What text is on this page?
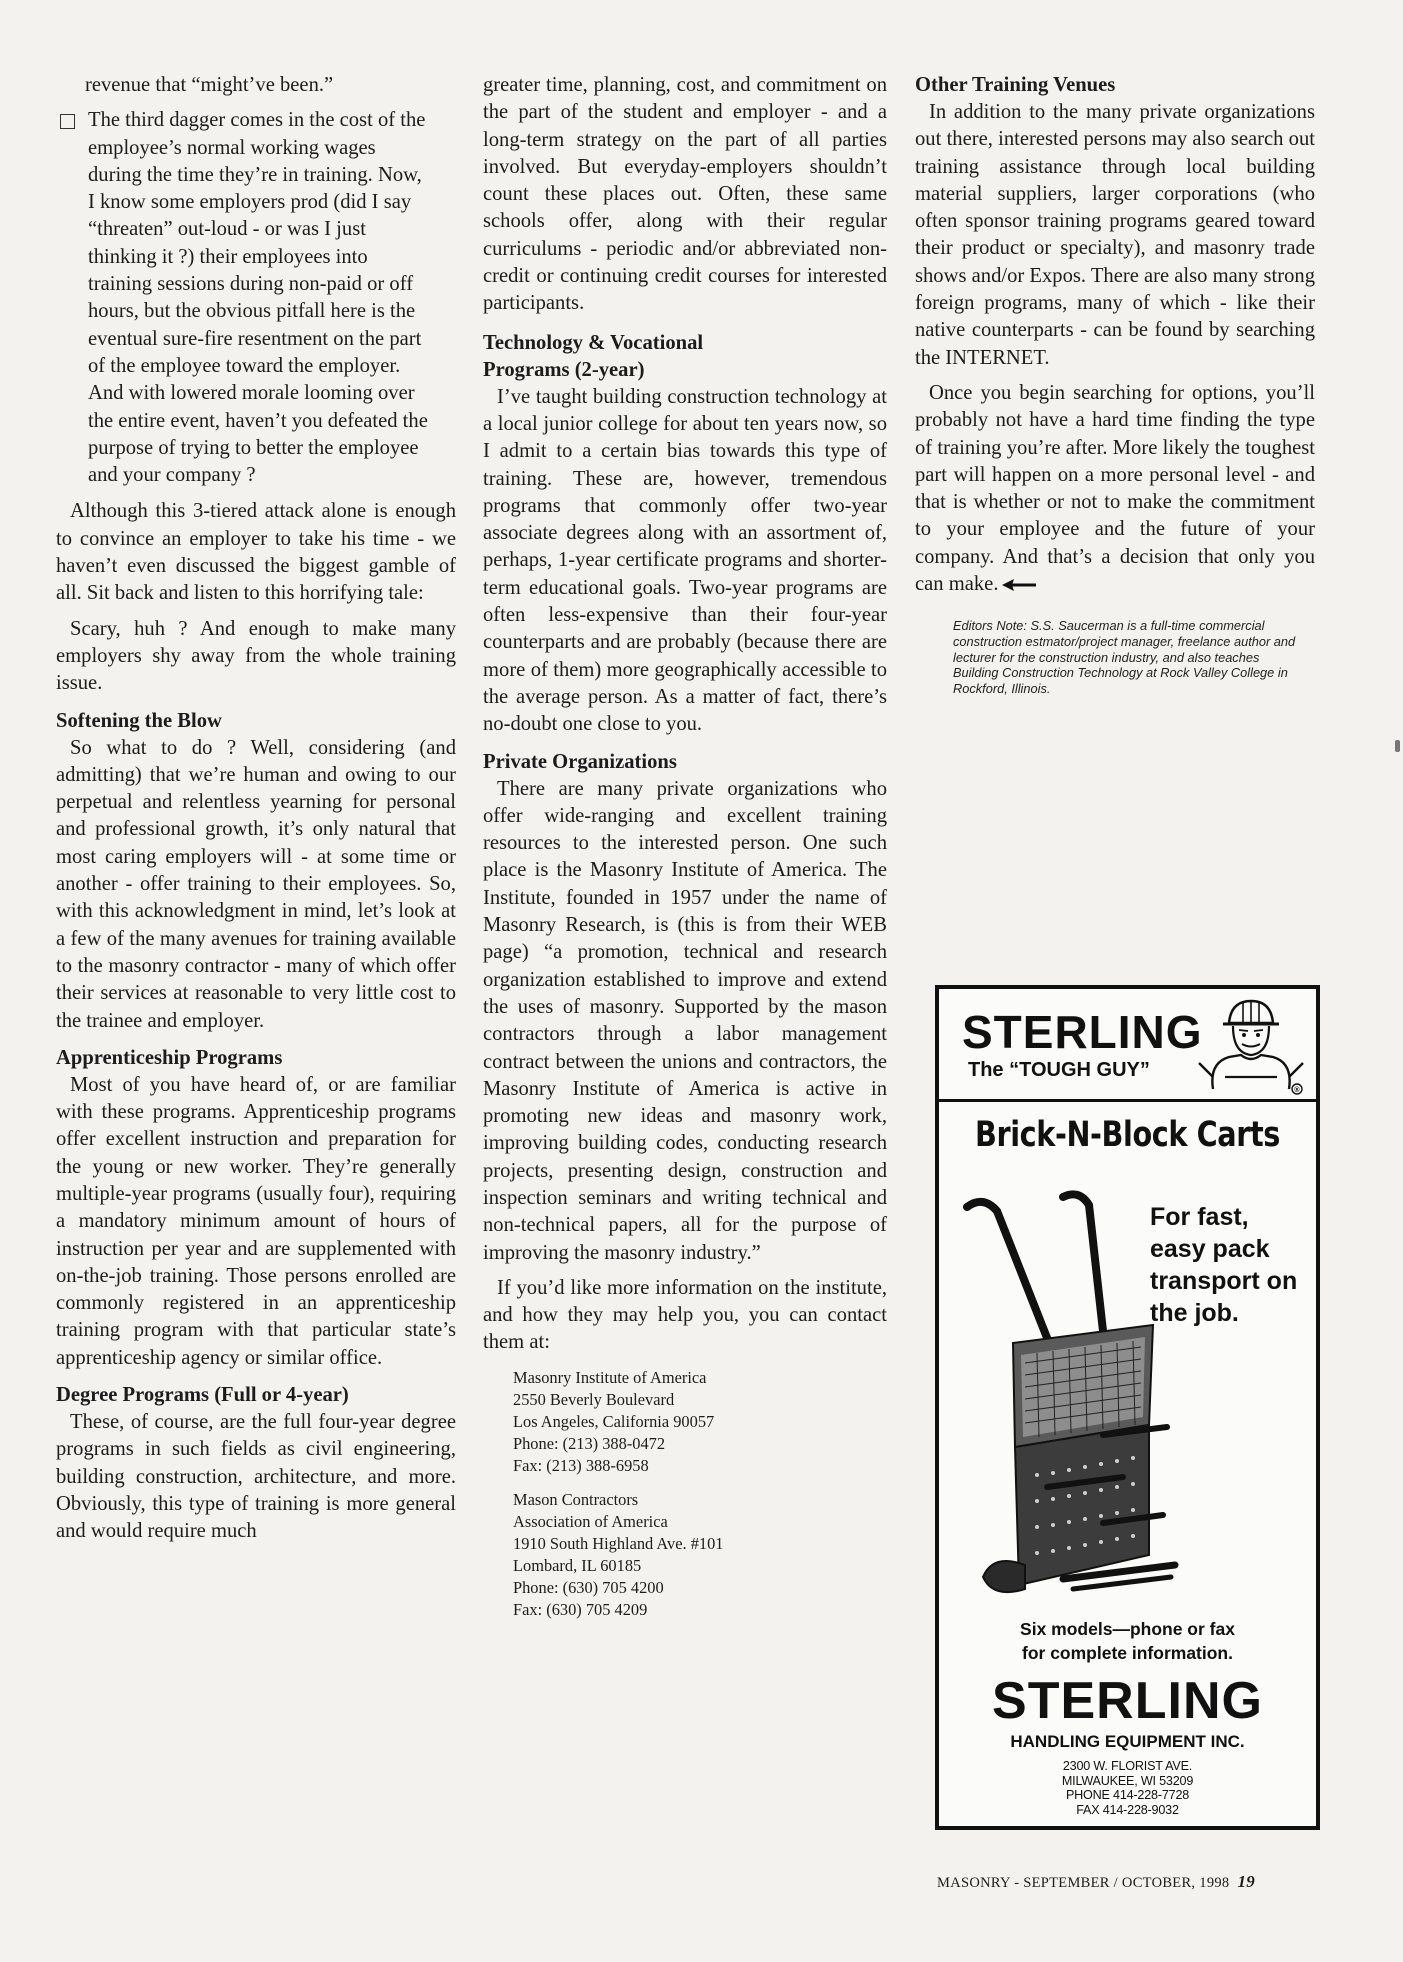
revenue that “might’ve been.”

The third dagger comes in the cost of the employee’s normal working wages during the time they’re in training. Now, I know some employers prod (did I say “threaten” out-loud - or was I just thinking it ?) their employees into training sessions during non-paid or off hours, but the obvious pitfall here is the eventual sure-fire resentment on the part of the employee toward the employer. And with lowered morale looming over the entire event, haven’t you defeated the purpose of trying to better the employee and your company ?

Although this 3-tiered attack alone is enough to convince an employer to take his time - we haven’t even discussed the biggest gamble of all. Sit back and listen to this horrifying tale:

Scary, huh ? And enough to make many employers shy away from the whole training issue.

Softening the Blow

So what to do ? Well, considering (and admitting) that we’re human and owing to our perpetual and relentless yearning for personal and professional growth, it’s only natural that most caring employers will - at some time or another - offer training to their employees. So, with this acknowledgment in mind, let’s look at a few of the many avenues for training available to the masonry contractor - many of which offer their services at reasonable to very little cost to the trainee and employer.

Apprenticeship Programs

Most of you have heard of, or are familiar with these programs. Apprenticeship programs offer excellent instruction and preparation for the young or new worker. They’re generally multiple-year programs (usually four), requiring a mandatory minimum amount of hours of instruction per year and are supplemented with on-the-job training. Those persons enrolled are commonly registered in an apprenticeship training program with that particular state’s apprenticeship agency or similar office.

Degree Programs (Full or 4-year)

These, of course, are the full four-year degree programs in such fields as civil engineering, building construction, architecture, and more. Obviously, this type of training is more general and would require much

greater time, planning, cost, and commitment on the part of the student and employer - and a long-term strategy on the part of all parties involved. But everyday-employers shouldn’t count these places out. Often, these same schools offer, along with their regular curriculums - periodic and/or abbreviated non-credit or continuing credit courses for interested participants.

Technology & Vocational
Programs (2-year)

I’ve taught building construction technology at a local junior college for about ten years now, so I admit to a certain bias towards this type of training. These are, however, tremendous programs that commonly offer two-year associate degrees along with an assortment of, perhaps, 1-year certificate programs and shorter-term educational goals. Two-year programs are often less-expensive than their four-year counterparts and are probably (because there are more of them) more geographically accessible to the average person. As a matter of fact, there’s no-doubt one close to you.

Private Organizations

There are many private organizations who offer wide-ranging and excellent training resources to the interested person. One such place is the Masonry Institute of America. The Institute, founded in 1957 under the name of Masonry Research, is (this is from their WEB page) “a promotion, technical and research organization established to improve and extend the uses of masonry. Supported by the mason contractors through a labor management contract between the unions and contractors, the Masonry Institute of America is active in promoting new ideas and masonry work, improving building codes, conducting research projects, presenting design, construction and inspection seminars and writing technical and non-technical papers, all for the purpose of improving the masonry industry.”

If you’d like more information on the institute, and how they may help you, you can contact them at:

Masonry Institute of America
2550 Beverly Boulevard
Los Angeles, California 90057
Phone: (213) 388-0472
Fax: (213) 388-6958
Mason Contractors
Association of America
1910 South Highland Ave. #101
Lombard, IL 60185
Phone: (630) 705 4200
Fax: (630) 705 4209
Other Training Venues

In addition to the many private organizations out there, interested persons may also search out training assistance through local building material suppliers, larger corporations (who often sponsor training programs geared toward their product or specialty), and masonry trade shows and/or Expos. There are also many strong foreign programs, many of which - like their native counterparts - can be found by searching the INTERNET.

Once you begin searching for options, you’ll probably not have a hard time finding the type of training you’re after. More likely the toughest part will happen on a more personal level - and that is whether or not to make the commitment to your employee and the future of your company. And that’s a decision that only you can make.

Editors Note: S.S. Saucerman is a full-time commercial construction estmator/project manager, freelance author and lecturer for the construction industry, and also teaches Building Construction Technology at Rock Valley College in Rockford, Illinois.
STERLING
The “TOUGH GUY”
®
Brick-N-Block Carts
For fast, easy pack transport on the job.
Six models—phone or fax
for complete information.
STERLING
HANDLING EQUIPMENT INC.
2300 W. FLORIST AVE.
MILWAUKEE, WI 53209
PHONE 414-228-7728
FAX 414-228-9032
MASONRY - SEPTEMBER / OCTOBER, 1998 19
